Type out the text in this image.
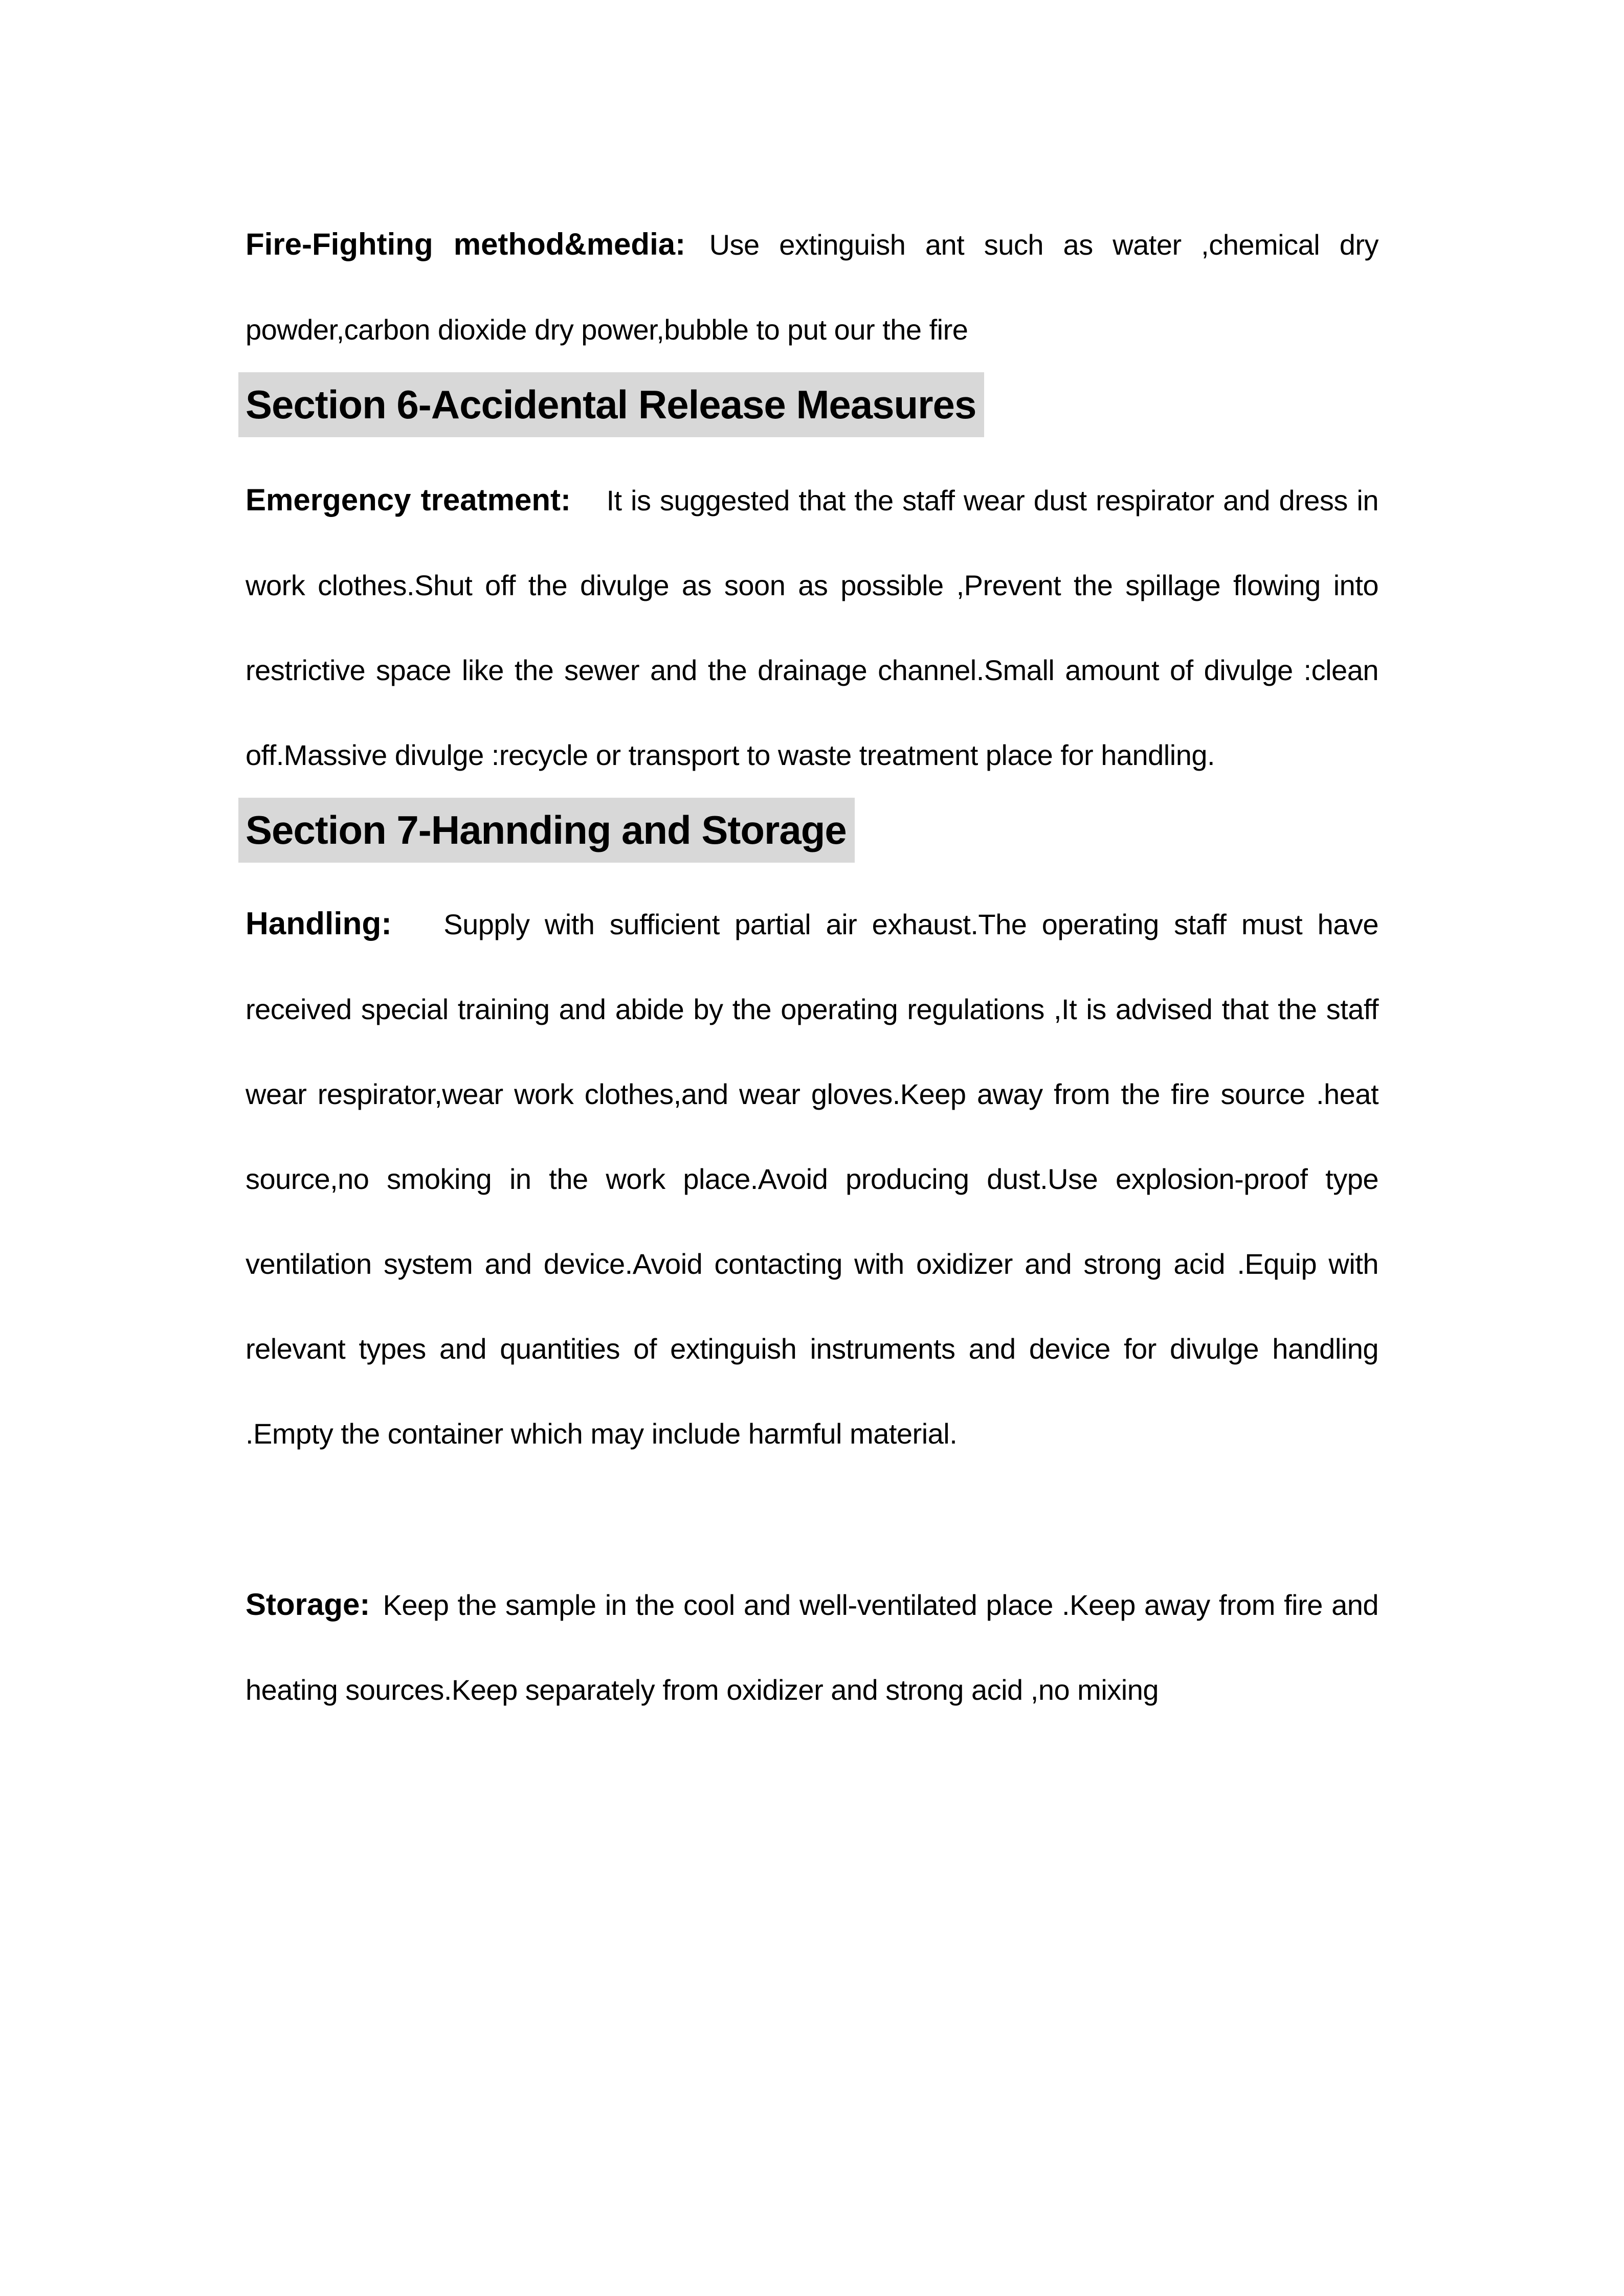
Fire-Fighting method&media: Use extinguish ant such as water ,chemical dry powder,carbon dioxide dry power,bubble to put our the fire

Section 6-Accidental Release Measures

Emergency treatment: It is suggested that the staff wear dust respirator and dress in work clothes.Shut off the divulge as soon as possible ,Prevent the spillage flowing into restrictive space like the sewer and the drainage channel.Small amount of divulge :clean off.Massive divulge :recycle or transport to waste treatment place for handling.

Section 7-Hannding and Storage

Handling: Supply with sufficient partial air exhaust.The operating staff must have received special training and abide by the operating regulations ,It is advised that the staff wear respirator,wear work clothes,and wear gloves.Keep away from the fire source .heat source,no smoking in the work place.Avoid producing dust.Use explosion-proof type ventilation system and device.Avoid contacting with oxidizer and strong acid .Equip with relevant types and quantities of extinguish instruments and device for divulge handling .Empty the container which may include harmful material.

Storage: Keep the sample in the cool and well-ventilated place .Keep away from fire and heating sources.Keep separately from oxidizer and strong acid ,no mixing
